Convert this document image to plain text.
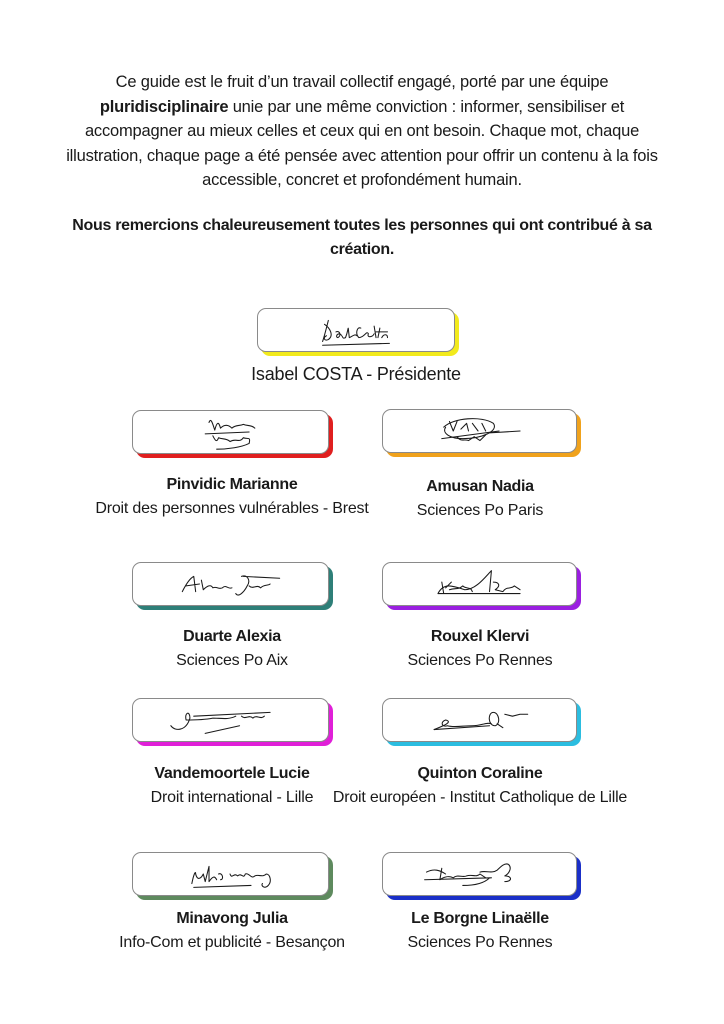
Ce guide est le fruit d’un travail collectif engagé, porté par une équipe
pluridisciplinaire unie par une même conviction : informer, sensibiliser et accompagner au mieux celles et ceux qui en ont besoin. Chaque mot, chaque illustration, chaque page a été pensée avec attention pour offrir un contenu à la fois accessible, concret et profondément humain.
Nous remercions chaleureusement toutes les personnes qui ont contribué à sa création.
Isabel COSTA - Présidente
Pinvidic Marianne
Droit des personnes vulnérables - Brest
Amusan Nadia
Sciences Po Paris
Duarte Alexia
Sciences Po Aix
Rouxel Klervi
Sciences Po Rennes
Vandemoortele Lucie
Droit international - Lille
Quinton Coraline
Droit européen - Institut Catholique de Lille
Minavong Julia
Info-Com et publicité - Besançon
Le Borgne Linaëlle
Sciences Po Rennes
